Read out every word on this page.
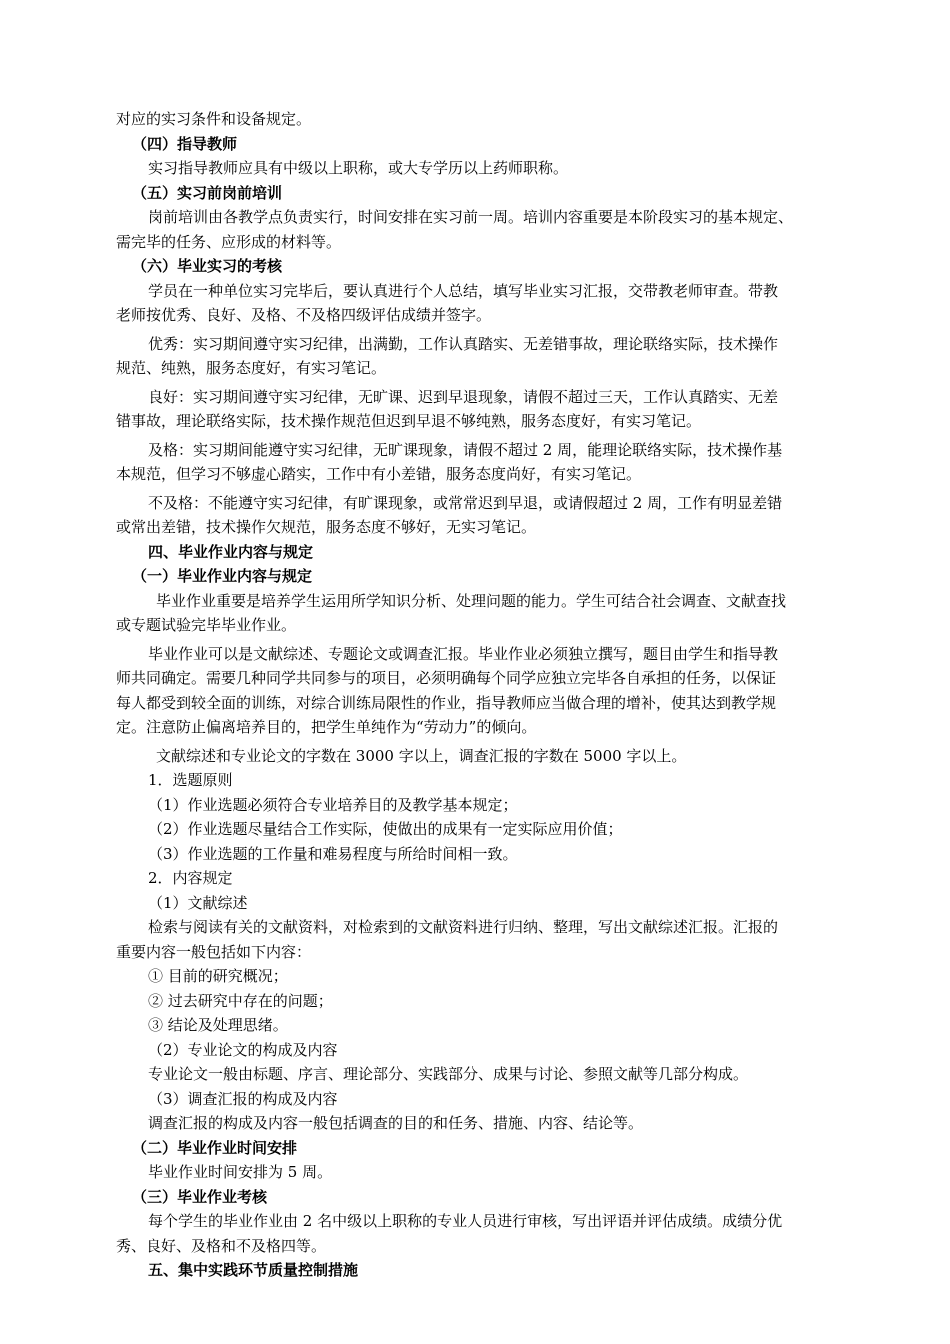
对应的实习条件和设备规定。
（四）指导教师
实习指导教师应具有中级以上职称，或大专学历以上药师职称。
（五）实习前岗前培训
岗前培训由各教学点负责实行，时间安排在实习前一周。培训内容重要是本阶段实习的基本规定、
需完毕的任务、应形成的材料等。
（六）毕业实习的考核
学员在一种单位实习完毕后，要认真进行个人总结，填写毕业实习汇报，交带教老师审查。带教
老师按优秀、良好、及格、不及格四级评估成绩并签字。
优秀：实习期间遵守实习纪律，出满勤，工作认真踏实、无差错事故，理论联络实际，技术操作
规范、纯熟，服务态度好，有实习笔记。
良好：实习期间遵守实习纪律，无旷课、迟到早退现象，请假不超过三天，工作认真踏实、无差
错事故，理论联络实际，技术操作规范但迟到早退不够纯熟，服务态度好，有实习笔记。
及格：实习期间能遵守实习纪律，无旷课现象，请假不超过 2 周，能理论联络实际，技术操作基
本规范，但学习不够虚心踏实，工作中有小差错，服务态度尚好，有实习笔记。
不及格：不能遵守实习纪律，有旷课现象，或常常迟到早退，或请假超过 2 周，工作有明显差错
或常出差错，技术操作欠规范，服务态度不够好，无实习笔记。
四、毕业作业内容与规定
（一）毕业作业内容与规定
毕业作业重要是培养学生运用所学知识分析、处理问题的能力。学生可结合社会调查、文献查找
或专题试验完毕毕业作业。
毕业作业可以是文献综述、专题论文或调查汇报。毕业作业必须独立撰写，题目由学生和指导教
师共同确定。需要几种同学共同参与的项目，必须明确每个同学应独立完毕各自承担的任务，以保证
每人都受到较全面的训练，对综合训练局限性的作业，指导教师应当做合理的增补，使其达到教学规
定。注意防止偏离培养目的，把学生单纯作为“劳动力”的倾向。
文献综述和专业论文的字数在 3000 字以上，调查汇报的字数在 5000 字以上。
1．选题原则
（1）作业选题必须符合专业培养目的及教学基本规定；
（2）作业选题尽量结合工作实际，使做出的成果有一定实际应用价值；
（3）作业选题的工作量和难易程度与所给时间相一致。
2．内容规定
（1）文献综述
检索与阅读有关的文献资料，对检索到的文献资料进行归纳、整理，写出文献综述汇报。汇报的
重要内容一般包括如下内容：
① 目前的研究概况；
② 过去研究中存在的问题；
③ 结论及处理思绪。
（2）专业论文的构成及内容
专业论文一般由标题、序言、理论部分、实践部分、成果与讨论、参照文献等几部分构成。
（3）调查汇报的构成及内容
调查汇报的构成及内容一般包括调查的目的和任务、措施、内容、结论等。
（二）毕业作业时间安排
毕业作业时间安排为 5 周。
（三）毕业作业考核
每个学生的毕业作业由 2 名中级以上职称的专业人员进行审核，写出评语并评估成绩。成绩分优
秀、良好、及格和不及格四等。
五、集中实践环节质量控制措施
